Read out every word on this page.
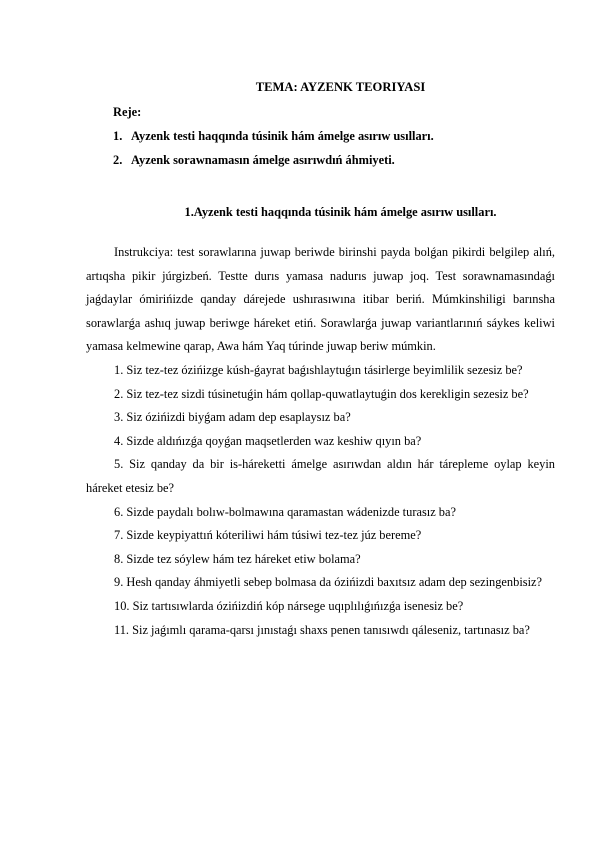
TEMA: AYZENK TEORIYASI
Reje:
1. Ayzenk testi haqqında túsinik hám ámelge asırıw usılları.
2. Ayzenk sorawnamasın ámelge asırıwdıń áhmiyeti.
1.Ayzenk testi haqqında túsinik hám ámelge asırıw usılları.

Instrukciya: test sorawlarına juwap beriwde birinshi payda bolǵan pikirdi belgilep alıń, artıqsha pikir júrgizbeń. Testte durıs yamasa nadurıs juwap joq. Test sorawnamasındaǵı jaǵdaylar ómirińizde qanday dárejede ushırasıwına itibar beriń. Múmkinshiligi barınsha sorawlarǵa ashıq juwap beriwge háreket etiń. Sorawlarǵa juwap variantlarınıń sáykes keliwi yamasa kelmewine qarap, Awa hám Yaq túrinde juwap beriw múmkin.

1. Siz tez-tez ózińizge kúsh-ǵayrat baǵıshlaytuǵın tásirlerge beyimlilik sezesiz be?

2. Siz tez-tez sizdi túsinetuǵin hám qollap-quwatlaytuǵin dos kerekligin sezesiz be?

3. Siz ózińizdi biyǵam adam dep esaplaysız ba?

4. Sizde aldıńızǵa qoyǵan maqsetlerden waz keshiw qıyın ba?

5. Siz qanday da bir is-háreketti ámelge asırıwdan aldın hár tárepleme oylap keyin háreket etesiz be?

6. Sizde paydalı bolıw-bolmawına qaramastan wádenizde turasız ba?

7. Sizde keypiyattıń kóteriliwi hám túsiwi tez-tez júz bereme?

8. Sizde tez sóylew hám tez háreket etiw bolama?

9. Hesh qanday áhmiyetli sebep bolmasa da ózińizdi baxıtsız adam dep sezingenbisiz?

10. Siz tartısıwlarda ózińizdiń kóp nársege uqıplılıǵıńızǵa isenesiz be?

11. Siz jaǵımlı qarama-qarsı jınıstaǵı shaxs penen tanısıwdı qáleseniz, tartınasız ba?
